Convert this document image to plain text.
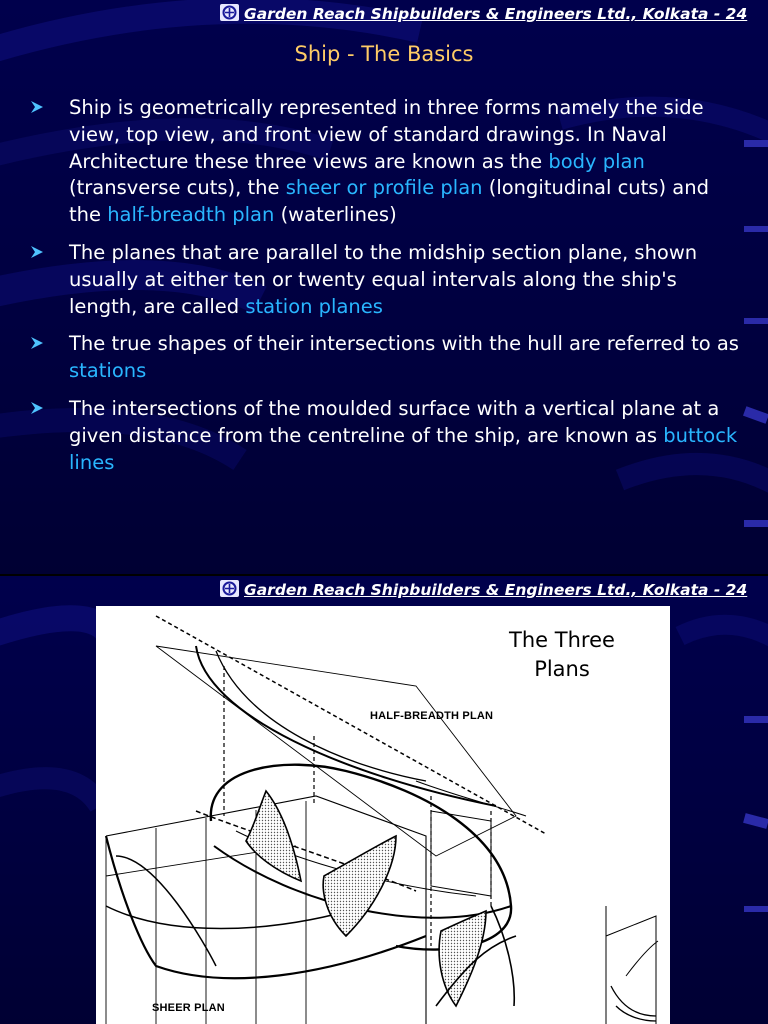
Garden Reach Shipbuilders & Engineers Ltd., Kolkata - 24
Ship - The Basics
Ship is geometrically represented in three forms namely the side view, top view, and front view of standard drawings. In Naval Architecture these three views are known as the body plan (transverse cuts), the sheer or profile plan (longitudinal cuts) and the half-breadth plan (waterlines)
The planes that are parallel to the midship section plane, shown usually at either ten or twenty equal intervals along the ship's length, are called station planes
The true shapes of their intersections with the hull are referred to as stations
The intersections of the moulded surface with a vertical plane at a given distance from the centreline of the ship, are known as buttock lines
Garden Reach Shipbuilders & Engineers Ltd., Kolkata - 24
The Three Plans
HALF-BREADTH PLAN
SHEER PLAN
